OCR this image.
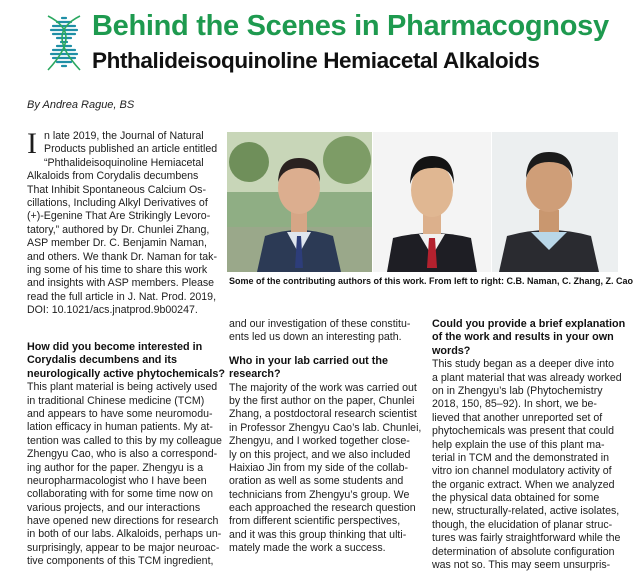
Behind the Scenes in Pharmacognosy
Phthalideisoquinoline Hemiacetal Alkaloids
By Andrea Rague, BS
I n late 2019, the Journal of Natural
Products published an article entitled
“Phthalideisoquinoline Hemiacetal
Alkaloids from Corydalis decumbens
That Inhibit Spontaneous Calcium Os-
cillations, Including Alkyl Derivatives of
(+)-Egenine That Are Strikingly Levoro-
tatory,” authored by Dr. Chunlei Zhang,
ASP member Dr. C. Benjamin Naman,
and others. We thank Dr. Naman for tak-
ing some of his time to share this work
and insights with ASP members. Please
read the full article in J. Nat. Prod. 2019,
DOI: 10.1021/acs.jnatprod.9b00247.
Some of the contributing authors of this work. From left to right: C.B. Naman, C. Zhang, Z. Cao
How did you become interested in
Corydalis decumbens and its
neurologically active phytochemicals?
This plant material is being actively used
in traditional Chinese medicine (TCM)
and appears to have some neuromodu-
lation efficacy in human patients. My at-
tention was called to this by my colleague
Zhengyu Cao, who is also a correspond-
ing author for the paper. Zhengyu is a
neuropharmacologist who I have been
collaborating with for some time now on
various projects, and our interactions
have opened new directions for research
in both of our labs. Alkaloids, perhaps un-
surprisingly, appear to be major neuroac-
tive components of this TCM ingredient,
and our investigation of these constitu-
ents led us down an interesting path.
Who in your lab carried out the
research?
The majority of the work was carried out
by the first author on the paper, Chunlei
Zhang, a postdoctoral research scientist
in Professor Zhengyu Cao’s lab. Chunlei,
Zhengyu, and I worked together close-
ly on this project, and we also included
Haixiao Jin from my side of the collab-
oration as well as some students and
technicians from Zhengyu’s group. We
each approached the research question
from different scientific perspectives,
and it was this group thinking that ulti-
mately made the work a success.
Could you provide a brief explanation
of the work and results in your own
words?
This study began as a deeper dive into
a plant material that was already worked
on in Zhengyu’s lab (Phytochemistry
2018, 150, 85–92). In short, we be-
lieved that another unreported set of
phytochemicals was present that could
help explain the use of this plant ma-
terial in TCM and the demonstrated in
vitro ion channel modulatory activity of
the organic extract. When we analyzed
the physical data obtained for some
new, structurally-related, active isolates,
though, the elucidation of planar struc-
tures was fairly straightforward while the
determination of absolute configuration
was not so. This may seem unsurpris-
